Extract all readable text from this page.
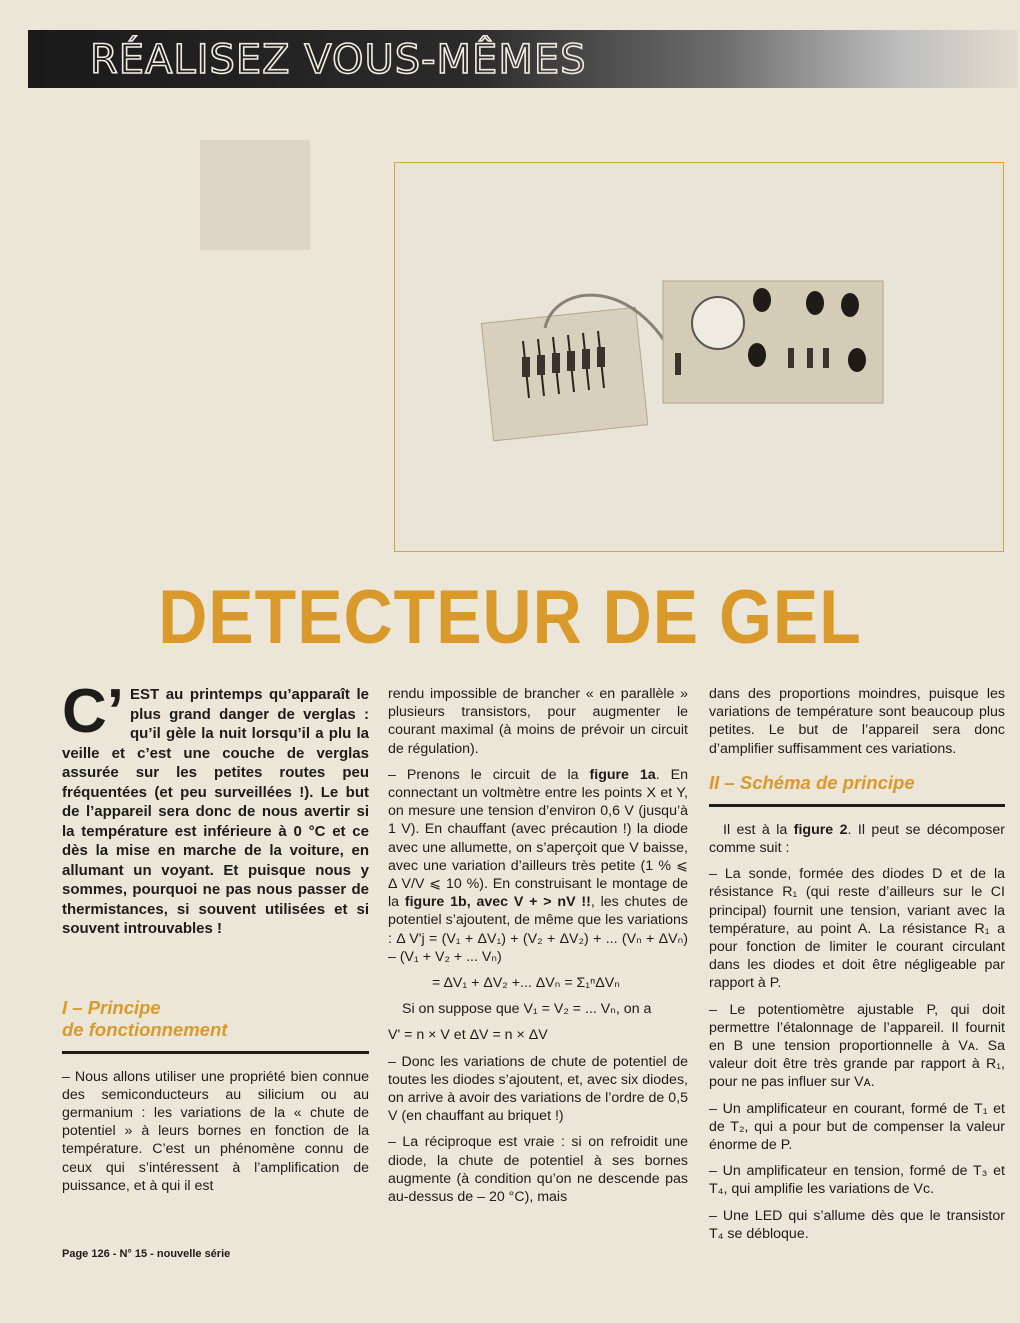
RÉALISEZ VOUS-MÊMES
DETECTEUR DE GEL

C’ EST au printemps qu’apparaît le plus grand danger de verglas : qu’il gèle la nuit lorsqu’il a plu la veille et c’est une couche de verglas assurée sur les petites routes peu fréquentées (et peu surveillées !). Le but de l’appareil sera donc de nous avertir si la température est inférieure à 0 °C et ce dès la mise en marche de la voiture, en allumant un voyant. Et puisque nous y sommes, pourquoi ne pas nous passer de thermistances, si souvent utilisées et si souvent introuvables !

I – Principe
de fonctionnement

– Nous allons utiliser une propriété bien connue des semiconducteurs au silicium ou au germanium : les variations de la « chute de potentiel » à leurs bornes en fonction de la température. C’est un phénomène connu de ceux qui s’intéressent à l’amplification de puissance, et à qui il est

rendu impossible de brancher « en parallèle » plusieurs transistors, pour augmenter le courant maximal (à moins de prévoir un circuit de régulation).

– Prenons le circuit de la figure 1a. En connectant un voltmètre entre les points X et Y, on mesure une tension d’environ 0,6 V (jusqu’à 1 V). En chauffant (avec précaution !) la diode avec une allumette, on s’aperçoit que V baisse, avec une variation d’ailleurs très petite (1 % ⩽ Δ V/V ⩽ 10 %). En construisant le montage de la figure 1b, avec V + > nV !!, les chutes de potentiel s’ajoutent, de même que les variations : Δ V'j = (V₁ + ΔV₁) + (V₂ + ΔV₂) + ... (Vₙ + ΔVₙ) – (V₁ + V₂ + ... Vₙ)

= ΔV₁ + ΔV₂ +... ΔVₙ = Σ₁ⁿΔVₙ

Si on suppose que V₁ = V₂ = ... Vₙ, on a

V' = n × V et ΔV = n × ΔV

– Donc les variations de chute de potentiel de toutes les diodes s’ajoutent, et, avec six diodes, on arrive à avoir des variations de l’ordre de 0,5 V (en chauffant au briquet !)

– La réciproque est vraie : si on refroidit une diode, la chute de potentiel à ses bornes augmente (à condition qu’on ne descende pas au-dessus de – 20 °C), mais

dans des proportions moindres, puisque les variations de température sont beaucoup plus petites. Le but de l’appareil sera donc d’amplifier suffisamment ces variations.

II – Schéma de principe

Il est à la figure 2. Il peut se décomposer comme suit :

– La sonde, formée des diodes D et de la résistance R₁ (qui reste d’ailleurs sur le CI principal) fournit une tension, variant avec la température, au point A. La résistance R₁ a pour fonction de limiter le courant circulant dans les diodes et doit être négligeable par rapport à P.

– Le potentiomètre ajustable P, qui doit permettre l’étalonnage de l’appareil. Il fournit en B une tension proportionnelle à Vᴀ. Sa valeur doit être très grande par rapport à R₁, pour ne pas influer sur Vᴀ.

– Un amplificateur en courant, formé de T₁ et de T₂, qui a pour but de compenser la valeur énorme de P.

– Un amplificateur en tension, formé de T₃ et T₄, qui amplifie les variations de Vc.

– Une LED qui s’allume dès que le transistor T₄ se débloque.

Page 126 - N° 15 - nouvelle série
